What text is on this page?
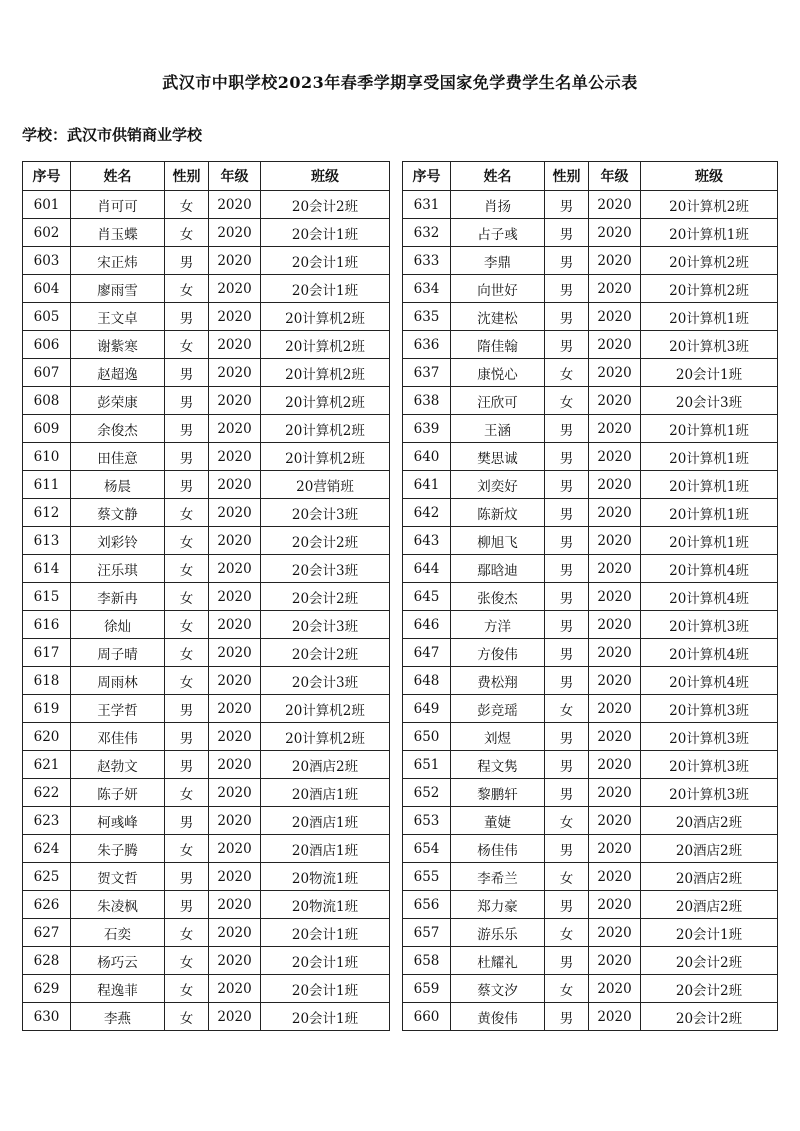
武汉市中职学校2023年春季学期享受国家免学费学生名单公示表
学校：武汉市供销商业学校
序号	姓名	性别	年级	班级
601	肖可可	女	2020	20会计2班
602	肖玉蝶	女	2020	20会计1班
603	宋正炜	男	2020	20会计1班
604	廖雨雪	女	2020	20会计1班
605	王文卓	男	2020	20计算机2班
606	谢紫寒	女	2020	20计算机2班
607	赵超逸	男	2020	20计算机2班
608	彭荣康	男	2020	20计算机2班
609	余俊杰	男	2020	20计算机2班
610	田佳意	男	2020	20计算机2班
611	杨晨	男	2020	20营销班
612	蔡文静	女	2020	20会计3班
613	刘彩铃	女	2020	20会计2班
614	汪乐琪	女	2020	20会计3班
615	李新冉	女	2020	20会计2班
616	徐灿	女	2020	20会计3班
617	周子晴	女	2020	20会计2班
618	周雨林	女	2020	20会计3班
619	王学哲	男	2020	20计算机2班
620	邓佳伟	男	2020	20计算机2班
621	赵勃文	男	2020	20酒店2班
622	陈子妍	女	2020	20酒店1班
623	柯彧峰	男	2020	20酒店1班
624	朱子腾	女	2020	20酒店1班
625	贺文哲	男	2020	20物流1班
626	朱凌枫	男	2020	20物流1班
627	石奕	女	2020	20会计1班
628	杨巧云	女	2020	20会计1班
629	程逸菲	女	2020	20会计1班
630	李燕	女	2020	20会计1班
序号	姓名	性别	年级	班级
631	肖扬	男	2020	20计算机2班
632	占子彧	男	2020	20计算机1班
633	李鼎	男	2020	20计算机2班
634	向世好	男	2020	20计算机2班
635	沈建松	男	2020	20计算机1班
636	隋佳翰	男	2020	20计算机3班
637	康悦心	女	2020	20会计1班
638	汪欣可	女	2020	20会计3班
639	王涵	男	2020	20计算机1班
640	樊思诚	男	2020	20计算机1班
641	刘奕好	男	2020	20计算机1班
642	陈新炆	男	2020	20计算机1班
643	柳旭飞	男	2020	20计算机1班
644	鄢晗迪	男	2020	20计算机4班
645	张俊杰	男	2020	20计算机4班
646	方洋	男	2020	20计算机3班
647	方俊伟	男	2020	20计算机4班
648	费松翔	男	2020	20计算机4班
649	彭竞瑶	女	2020	20计算机3班
650	刘煜	男	2020	20计算机3班
651	程文隽	男	2020	20计算机3班
652	黎鹏轩	男	2020	20计算机3班
653	董婕	女	2020	20酒店2班
654	杨佳伟	男	2020	20酒店2班
655	李希兰	女	2020	20酒店2班
656	郑力豪	男	2020	20酒店2班
657	游乐乐	女	2020	20会计1班
658	杜耀礼	男	2020	20会计2班
659	蔡文汐	女	2020	20会计2班
660	黄俊伟	男	2020	20会计2班
